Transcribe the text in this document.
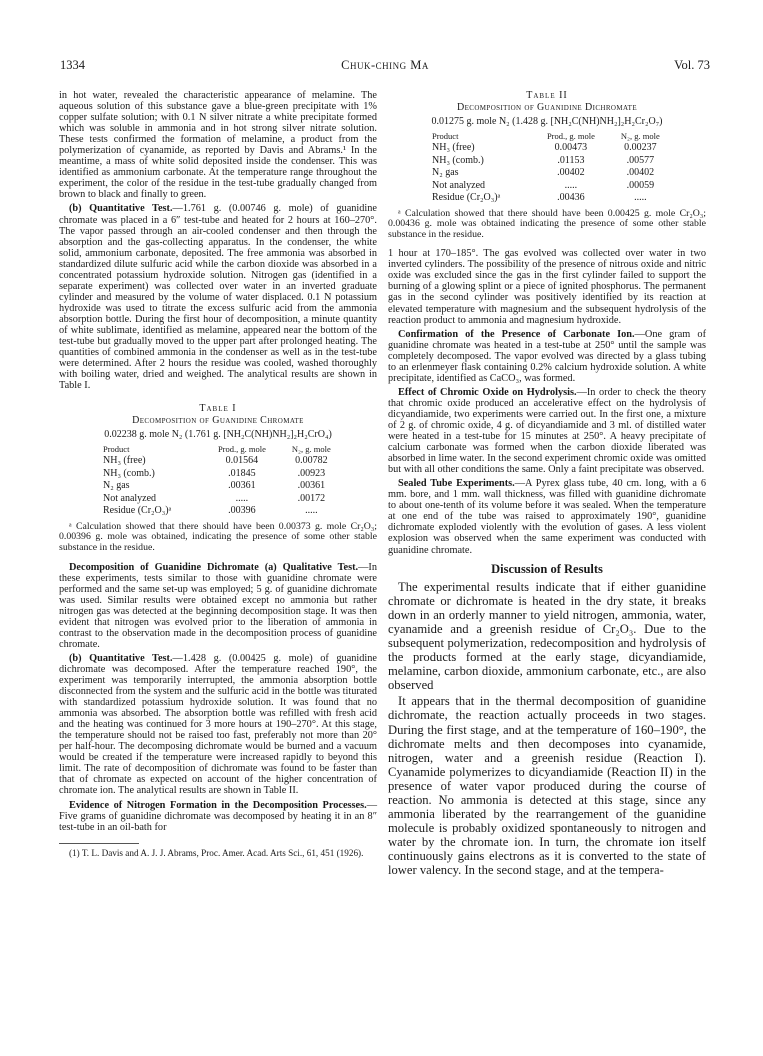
1334	Chuk-ching Ma	Vol. 73

in hot water, revealed the characteristic appearance of melamine. The aqueous solution of this substance gave a blue-green precipitate with 1% copper sulfate solution; with 0.1 N silver nitrate a white precipitate formed which was soluble in ammonia and in hot strong silver nitrate solution. These tests confirmed the formation of melamine, a product from the polymerization of cyanamide, as reported by Davis and Abrams.¹ In the meantime, a mass of white solid deposited inside the condenser. This was identified as ammonium carbonate. At the temperature range throughout the experiment, the color of the residue in the test-tube gradually changed from brown to black and finally to green.

(b) Quantitative Test.—1.761 g. (0.00746 g. mole) of guanidine chromate was placed in a 6″ test-tube and heated for 2 hours at 160–270°. The vapor passed through an air-cooled condenser and then through the absorption and the gas-collecting apparatus. In the condenser, the white solid, ammonium carbonate, deposited. The free ammonia was absorbed in standardized dilute sulfuric acid while the carbon dioxide was absorbed in a concentrated potassium hydroxide solution. Nitrogen gas (identified in a separate experiment) was collected over water in an inverted graduate cylinder and measured by the volume of water displaced. 0.1 N potassium hydroxide was used to titrate the excess sulfuric acid from the ammonia absorption bottle. During the first hour of decomposition, a minute quantity of white sublimate, identified as melamine, appeared near the bottom of the test-tube but gradually moved to the upper part after prolonged heating. The quantities of combined ammonia in the condenser as well as in the test-tube were determined. After 2 hours the residue was cooled, washed thoroughly with boiling water, dried and weighed. The analytical results are shown in Table I.

Table I
Decomposition of Guanidine Chromate
0.02238 g. mole N₂ (1.761 g. [NH₂C(NH)NH₂]₂H₂CrO₄)
Product	Prod., g. mole	N₂, g. mole
NH₃ (free)	0.01564	0.00782
NH₃ (comb.)	.01845	.00923
N₂ gas	.00361	.00361
Not analyzed	.....	.00172
Residue (Cr₂O₃)ᵃ	.00396	.....
ᵃ Calculation showed that there should have been 0.00373 g. mole Cr₂O₃; 0.00396 g. mole was obtained, indicating the presence of some other stable substance in the residue.

Decomposition of Guanidine Dichromate (a) Qualitative Test.—In these experiments, tests similar to those with guanidine chromate were performed and the same set-up was employed; 5 g. of guanidine dichromate was used. Similar results were obtained except no ammonia but rather nitrogen gas was detected at the beginning decomposition stage. It was then evident that nitrogen was evolved prior to the liberation of ammonia in contrast to the observation made in the decomposition process of guanidine chromate.

(b) Quantitative Test.—1.428 g. (0.00425 g. mole) of guanidine dichromate was decomposed. After the temperature reached 190°, the experiment was temporarily interrupted, the ammonia absorption bottle disconnected from the system and the sulfuric acid in the bottle was titurated with standardized potassium hydroxide solution. It was found that no ammonia was absorbed. The absorption bottle was refilled with fresh acid and the heating was continued for 3 more hours at 190–270°. At this stage, the temperature should not be raised too fast, preferably not more than 20° per half-hour. The decomposing dichromate would be burned and a vacuum would be created if the temperature were increased rapidly to beyond this limit. The rate of decomposition of dichromate was found to be faster than that of chromate as expected on account of the higher concentration of chromate ion. The analytical results are shown in Table II.

Evidence of Nitrogen Formation in the Decomposition Processes.—Five grams of guanidine dichromate was decomposed by heating it in an 8″ test-tube in an oil-bath for

(1) T. L. Davis and A. J. J. Abrams, Proc. Amer. Acad. Arts Sci., 61, 451 (1926).

Table II
Decomposition of Guanidine Dichromate
0.01275 g. mole N₂ (1.428 g. [NH₂C(NH)NH₂]₂H₂Cr₂O₇)
Product	Prod., g. mole	N₂, g. mole
NH₃ (free)	0.00473	0.00237
NH₃ (comb.)	.01153	.00577
N₂ gas	.00402	.00402
Not analyzed	.....	.00059
Residue (Cr₂O₃)ᵃ	.00436	.....
ᵃ Calculation showed that there should have been 0.00425 g. mole Cr₂O₃; 0.00436 g. mole was obtained indicating the presence of some other stable substance in the residue.

1 hour at 170–185°. The gas evolved was collected over water in two inverted cylinders. The possibility of the presence of nitrous oxide and nitric oxide was excluded since the gas in the first cylinder failed to support the burning of a glowing splint or a piece of ignited phosphorus. The permanent gas in the second cylinder was positively identified by its reaction at elevated temperature with magnesium and the subsequent hydrolysis of the reaction product to ammonia and magnesium hydroxide.

Confirmation of the Presence of Carbonate Ion.—One gram of guanidine chromate was heated in a test-tube at 250° until the sample was completely decomposed. The vapor evolved was directed by a glass tubing to an erlenmeyer flask containing 0.2% calcium hydroxide solution. A white precipitate, identified as CaCO₃, was formed.

Effect of Chromic Oxide on Hydrolysis.—In order to check the theory that chromic oxide produced an accelerative effect on the hydrolysis of dicyandiamide, two experiments were carried out. In the first one, a mixture of 2 g. of chromic oxide, 4 g. of dicyandiamide and 3 ml. of distilled water were heated in a test-tube for 15 minutes at 250°. A heavy precipitate of calcium carbonate was formed when the carbon dioxide liberated was absorbed in lime water. In the second experiment chromic oxide was omitted but with all other conditions the same. Only a faint precipitate was observed.

Sealed Tube Experiments.—A Pyrex glass tube, 40 cm. long, with a 6 mm. bore, and 1 mm. wall thickness, was filled with guanidine dichromate to about one-tenth of its volume before it was sealed. When the temperature at one end of the tube was raised to approximately 190°, guanidine dichromate exploded violently with the evolution of gases. A less violent explosion was observed when the same experiment was conducted with guanidine chromate.

Discussion of Results

The experimental results indicate that if either guanidine chromate or dichromate is heated in the dry state, it breaks down in an orderly manner to yield nitrogen, ammonia, water, cyanamide and a greenish residue of Cr₂O₃. Due to the subsequent polymerization, redecomposition and hydrolysis of the products formed at the early stage, dicyandiamide, melamine, carbon dioxide, ammonium carbonate, etc., are also observed

It appears that in the thermal decomposition of guanidine dichromate, the reaction actually proceeds in two stages. During the first stage, and at the temperature of 160–190°, the dichromate melts and then decomposes into cyanamide, nitrogen, water and a greenish residue (Reaction I). Cyanamide polymerizes to dicyandiamide (Reaction II) in the presence of water vapor produced during the course of reaction. No ammonia is detected at this stage, since any ammonia liberated by the rearrangement of the guanidine molecule is probably oxidized spontaneously to nitrogen and water by the chromate ion. In turn, the chromate ion itself continuously gains electrons as it is converted to the state of lower valency. In the second stage, and at the tempera-
